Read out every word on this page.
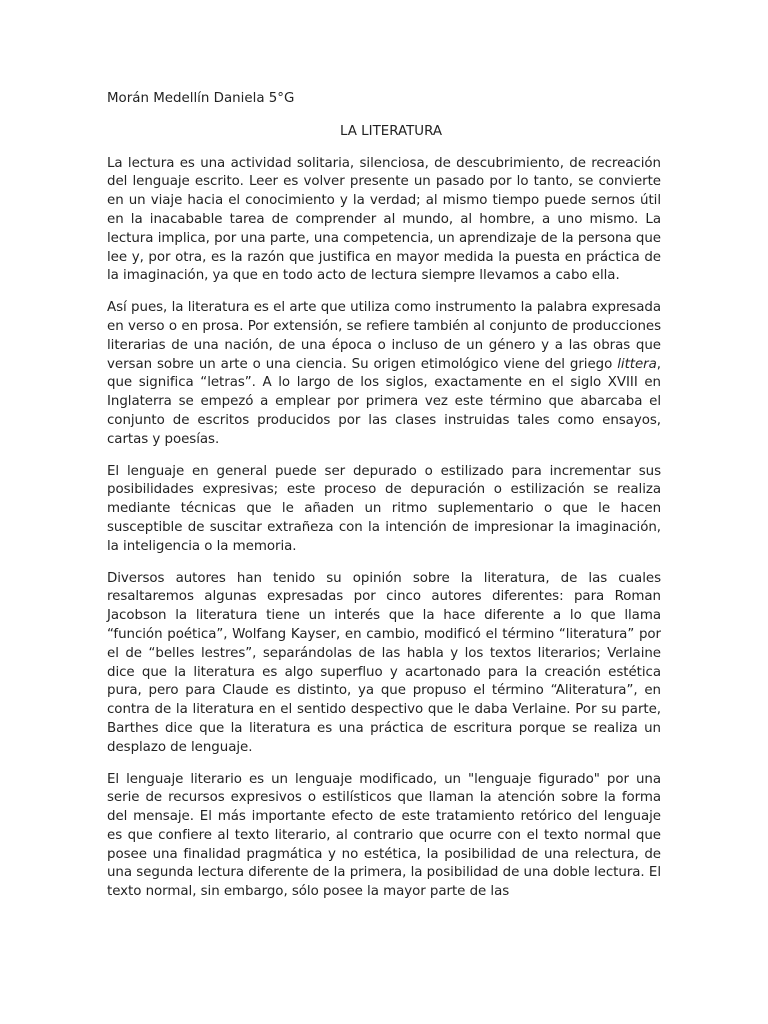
Morán Medellín Daniela 5°G

LA LITERATURA

La lectura es una actividad solitaria, silenciosa, de descubrimiento, de recreación del lenguaje escrito. Leer es volver presente un pasado por lo tanto, se convierte en un viaje hacia el conocimiento y la verdad; al mismo tiempo puede sernos útil en la inacabable tarea de comprender al mundo, al hombre, a uno mismo. La lectura implica, por una parte, una competencia, un aprendizaje de la persona que lee y, por otra, es la razón que justifica en mayor medida la puesta en práctica de la imaginación, ya que en todo acto de lectura siempre llevamos a cabo ella.

Así pues, la literatura es el arte que utiliza como instrumento la palabra expresada en verso o en prosa. Por extensión, se refiere también al conjunto de producciones literarias de una nación, de una época o incluso de un género y a las obras que versan sobre un arte o una ciencia. Su origen etimológico viene del griego littera, que significa “letras”. A lo largo de los siglos, exactamente en el siglo XVIII en Inglaterra se empezó a emplear por primera vez este término que abarcaba el conjunto de escritos producidos por las clases instruidas tales como ensayos, cartas y poesías.

El lenguaje en general puede ser depurado o estilizado para incrementar sus posibilidades expresivas; este proceso de depuración o estilización se realiza mediante técnicas que le añaden un ritmo suplementario o que le hacen susceptible de suscitar extrañeza con la intención de impresionar la imaginación, la inteligencia o la memoria.

Diversos autores han tenido su opinión sobre la literatura, de las cuales resaltaremos algunas expresadas por cinco autores diferentes: para Roman Jacobson la literatura tiene un interés que la hace diferente a lo que llama “función poética”, Wolfang Kayser, en cambio, modificó el término “literatura” por el de “belles lestres”, separándolas de las habla y los textos literarios; Verlaine dice que la literatura es algo superfluo y acartonado para la creación estética pura, pero para Claude es distinto, ya que propuso el término “Aliteratura”, en contra de la literatura en el sentido despectivo que le daba Verlaine. Por su parte, Barthes dice que la literatura es una práctica de escritura porque se realiza un desplazo de lenguaje.

El lenguaje literario es un lenguaje modificado, un "lenguaje figurado" por una serie de recursos expresivos o estilísticos que llaman la atención sobre la forma del mensaje. El más importante efecto de este tratamiento retórico del lenguaje es que confiere al texto literario, al contrario que ocurre con el texto normal que posee una finalidad pragmática y no estética, la posibilidad de una relectura, de una segunda lectura diferente de la primera, la posibilidad de una doble lectura. El texto normal, sin embargo, sólo posee la mayor parte de las
